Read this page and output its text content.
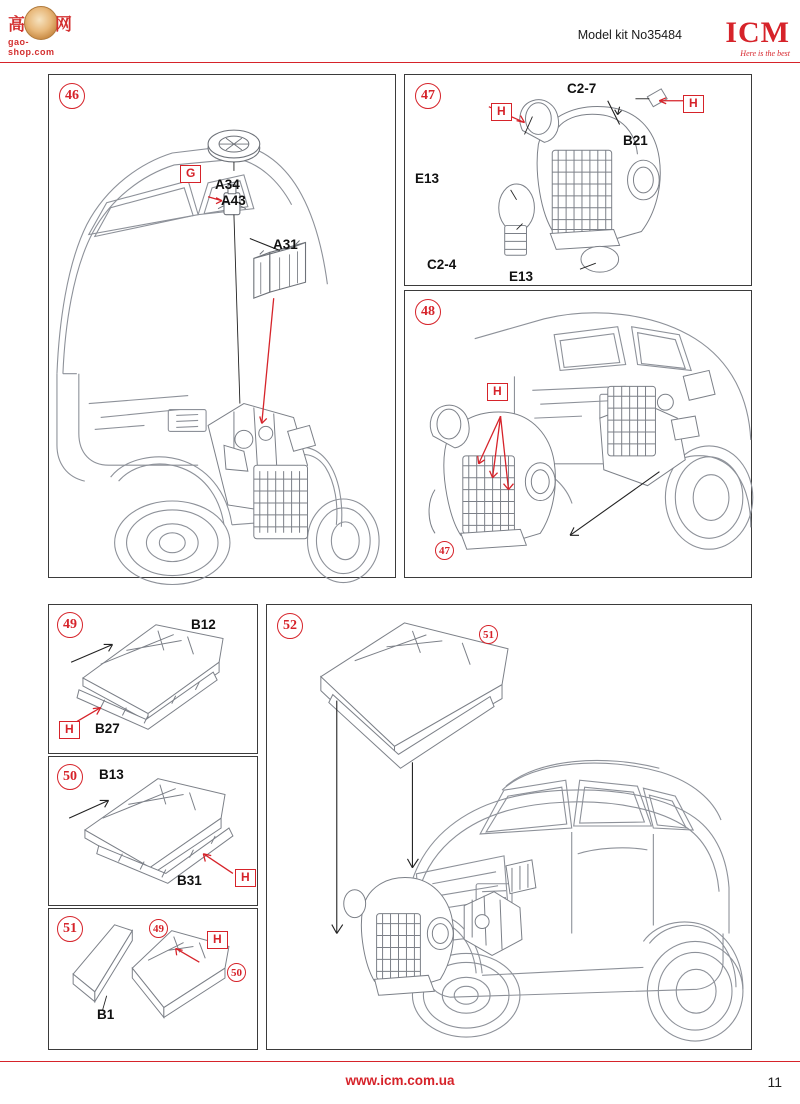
高 网
gao-shop.com
Model kit No35484	ICM
Here is the best
46
A34
A43
A31
G
47	C2-7
B21
E13
C2-4
E13
H
H
48
H
47
49	B12
B27
H
50	B13
B31	H
51	49
50
H
B1
52
51
www.icm.com.ua	11
